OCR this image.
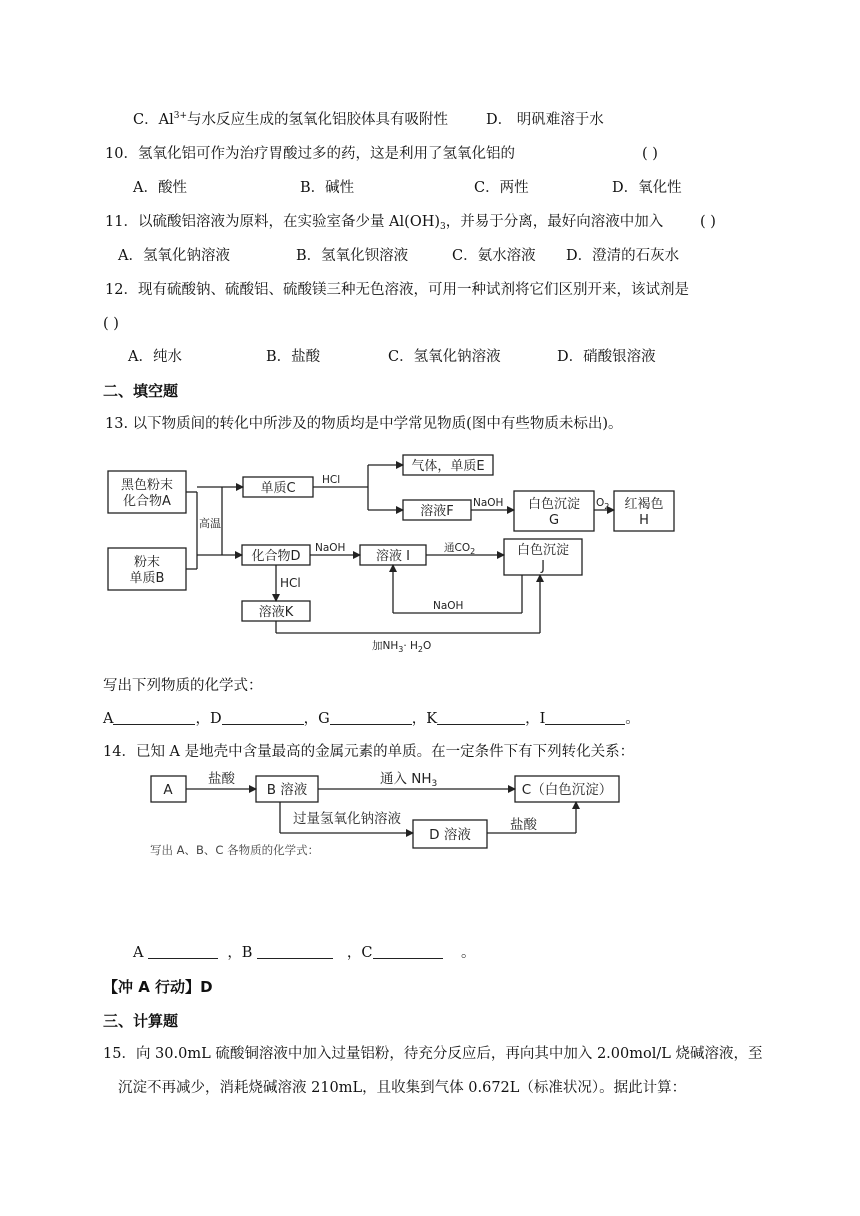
C．$Al^{3+}$与水反应生成的氢氧化铝胶体具有吸附性	D． 明矾难溶于水
10．氢氧化铝可作为治疗胃酸过多的药，这是利用了氢氧化铝的	( )
A．酸性	B．碱性	C．两性	D．氧化性
11．以硫酸铝溶液为原料，在实验室备少量 $Al(OH)_3$，并易于分离，最好向溶液中加入	( )
A．氢氧化钠溶液	B．氢氧化钡溶液	C．氨水溶液 D．澄清的石灰水
12．现有硫酸钠、硫酸铝、硫酸镁三种无色溶液，可用一种试剂将它们区别开来，该试剂是
( )
A．纯水	B．盐酸	C．氢氧化钠溶液	D．硝酸银溶液
二、填空题
13. 以下物质间的转化中所涉及的物质均是中学常见物质(图中有些物质未标出)。
黑色粉末
化合物A
粉末
单质B
高温
单质C
气体，单质E
溶液F	白色沉淀
G
红褐色
H
化合物D	溶液 I	白色沉淀
J
溶液K
HCl
NaOH	$O_2$
NaOH	通$CO_2$
HCl
NaOH
加$NH_3\cdot H_2O$
写出下列物质的化学式：
A	，D	，G	，K	，I	。
14．已知 A 是地壳中含量最高的金属元素的单质。在一定条件下有下列转化关系：
A	B 溶液	C（白色沉淀）
D 溶液
盐酸	通入 $NH_3$
过量氢氧化钠溶液	盐酸
写出 A、B、C 各物质的化学式：
A	，B	，C	。
【冲 A 行动】D
三、计算题
15．向 30.0mL 硫酸铜溶液中加入过量铝粉，待充分反应后，再向其中加入 2.00mol/L 烧碱溶液，至
沉淀不再减少，消耗烧碱溶液 210mL，且收集到气体 0.672L（标准状况）。据此计算：
